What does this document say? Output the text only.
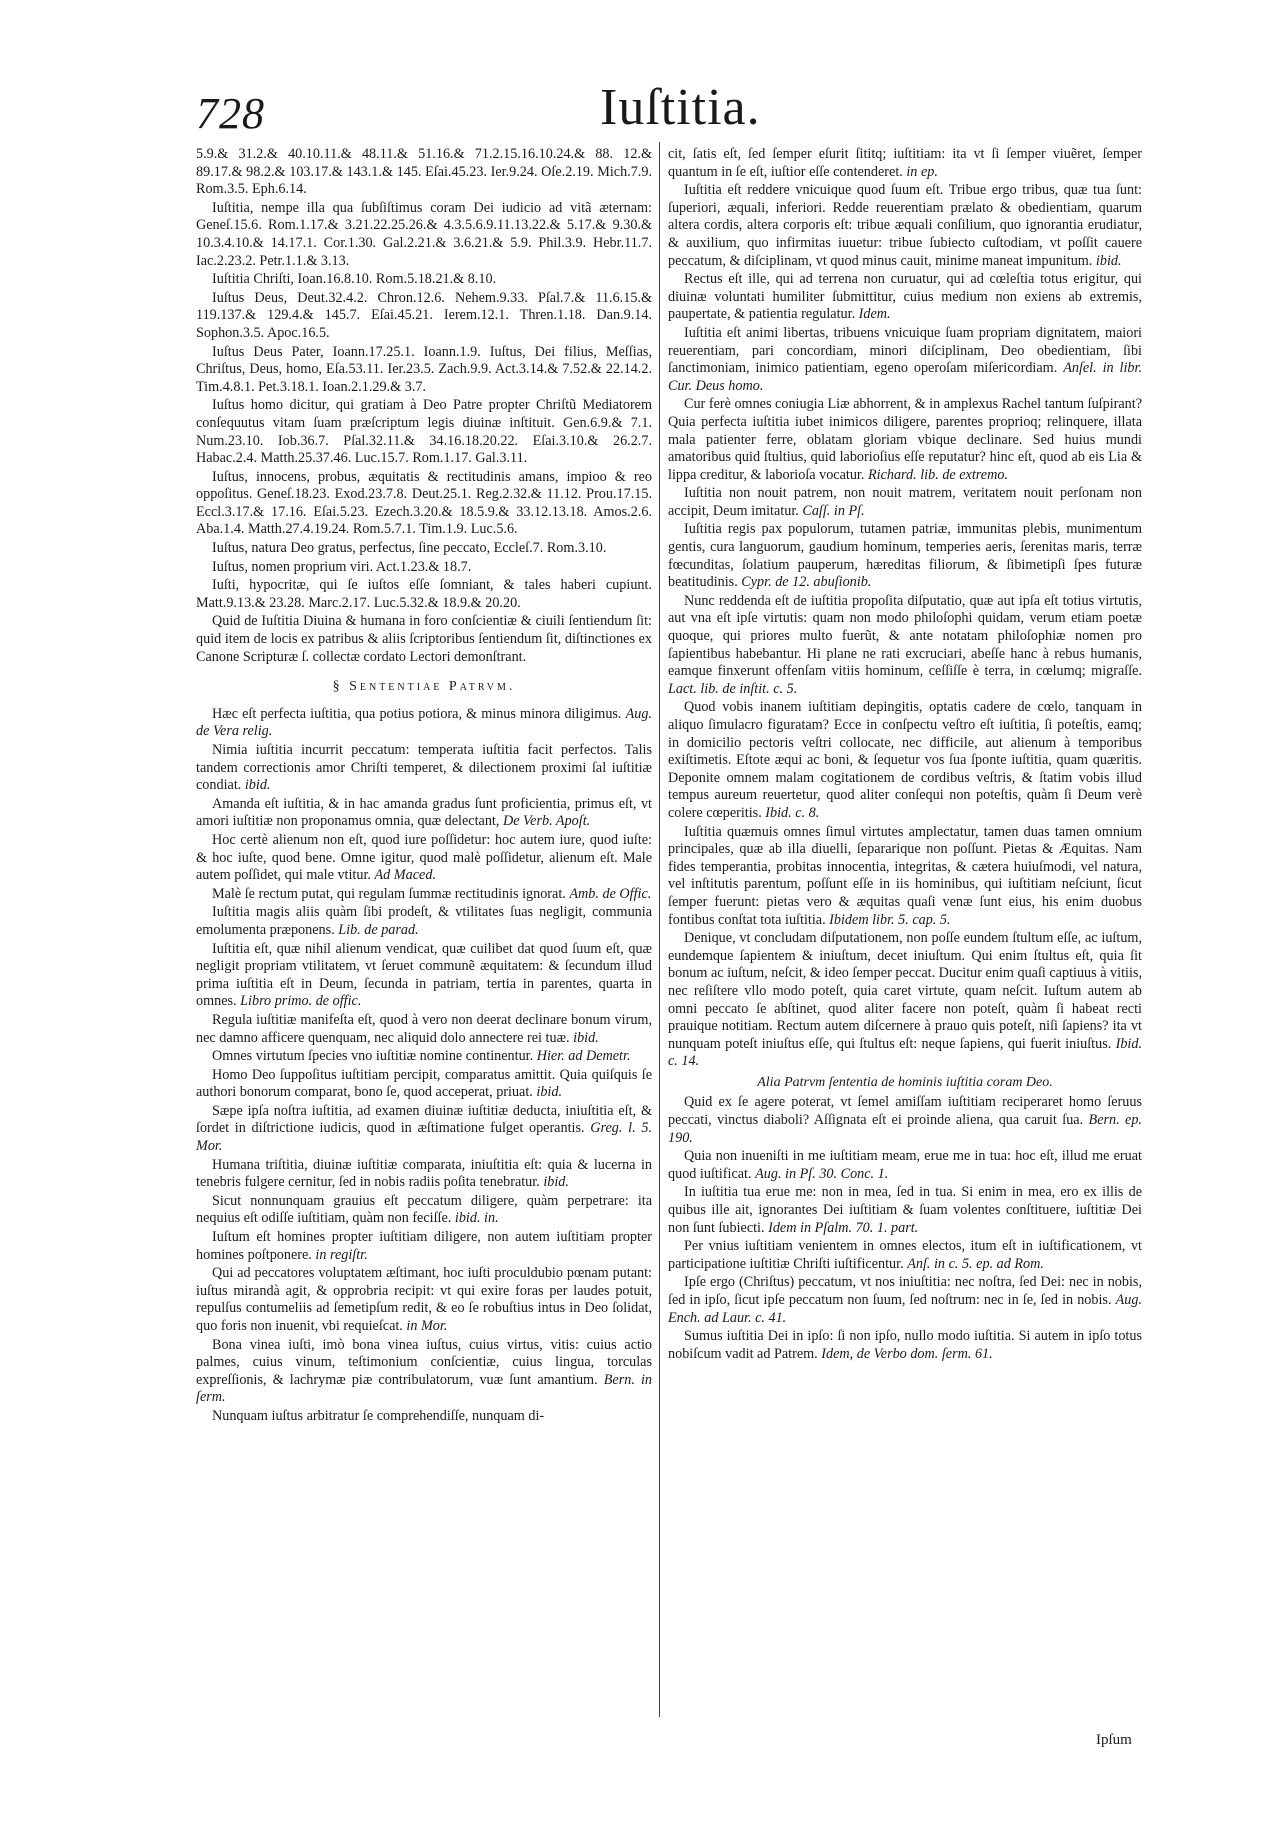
728	Iuſtitia.

5.9.& 31.2.& 40.10.11.& 48.11.& 51.16.& 71.2.15.16.10.24.& 88. 12.& 89.17.& 98.2.& 103.17.& 143.1.& 145. Eſai.45.23. Ier.9.24. Oſe.2.19. Mich.7.9. Rom.3.5. Eph.6.14.

Iuſtitia, nempe illa qua ſubſiſtimus coram Dei iudicio ad vitã æternam: Geneſ.15.6. Rom.1.17.& 3.21.22.25.26.& 4.3.5.6.9.11.13.22.& 5.17.& 9.30.& 10.3.4.10.& 14.17.1. Cor.1.30. Gal.2.21.& 3.6.21.& 5.9. Phil.3.9. Hebr.11.7. Iac.2.23.2. Petr.1.1.& 3.13.

Iuſtitia Chriſti, Ioan.16.8.10. Rom.5.18.21.& 8.10.

Iuſtus Deus, Deut.32.4.2. Chron.12.6. Nehem.9.33. Pſal.7.& 11.6.15.& 119.137.& 129.4.& 145.7. Eſai.45.21. Ierem.12.1. Thren.1.18. Dan.9.14. Sophon.3.5. Apoc.16.5.

Iuſtus Deus Pater, Ioann.17.25.1. Ioann.1.9. Iuſtus, Dei filius, Meſſias, Chriſtus, Deus, homo, Eſa.53.11. Ier.23.5. Zach.9.9. Act.3.14.& 7.52.& 22.14.2. Tim.4.8.1. Pet.3.18.1. Ioan.2.1.29.& 3.7.

Iuſtus homo dicitur, qui gratiam à Deo Patre propter Chriſtũ Mediatorem conſequutus vitam ſuam præſcriptum legis diuinæ inſtituit. Gen.6.9.& 7.1. Num.23.10. Iob.36.7. Pſal.32.11.& 34.16.18.20.22. Eſai.3.10.& 26.2.7. Habac.2.4. Matth.25.37.46. Luc.15.7. Rom.1.17. Gal.3.11.

Iuſtus, innocens, probus, æquitatis & rectitudinis amans, impioo & reo oppoſitus. Geneſ.18.23. Exod.23.7.8. Deut.25.1. Reg.2.32.& 11.12. Prou.17.15. Eccl.3.17.& 17.16. Eſai.5.23. Ezech.3.20.& 18.5.9.& 33.12.13.18. Amos.2.6. Aba.1.4. Matth.27.4.19.24. Rom.5.7.1. Tim.1.9. Luc.5.6.

Iuſtus, natura Deo gratus, perfectus, ſine peccato, Eccleſ.7. Rom.3.10.

Iuſtus, nomen proprium viri. Act.1.23.& 18.7.

Iuſti, hypocritæ, qui ſe iuſtos eſſe ſomniant, & tales haberi cupiunt. Matt.9.13.& 23.28. Marc.2.17. Luc.5.32.& 18.9.& 20.20.

Quid de Iuſtitia Diuina & humana in foro conſcientiæ & ciuili ſentiendum ſit: quid item de locis ex patribus & aliis ſcriptoribus ſentiendum ſit, diſtinctiones ex Canone Scripturæ ſ. collectæ cordato Lectori demonſtrant.

§ Sententiae Patrvm.

Hæc eſt perfecta iuſtitia, qua potius potiora, & minus minora diligimus. Aug. de Vera relig.

Nimia iuſtitia incurrit peccatum: temperata iuſtitia facit perfectos. Talis tandem correctionis amor Chriſti temperet, & dilectionem proximi ſal iuſtitiæ condiat. ibid.

Amanda eſt iuſtitia, & in hac amanda gradus ſunt proficientia, primus eſt, vt amori iuſtitiæ non proponamus omnia, quæ delectant, De Verb. Apoſt.

Hoc certè alienum non eſt, quod iure poſſidetur: hoc autem iure, quod iuſte: & hoc iuſte, quod bene. Omne igitur, quod malè poſſidetur, alienum eſt. Male autem poſſidet, qui male vtitur. Ad Maced.

Malè ſe rectum putat, qui regulam ſummæ rectitudinis ignorat. Amb. de Offic.

Iuſtitia magis aliis quàm ſibi prodeſt, & vtilitates ſuas negligit, communia emolumenta præponens. Lib. de parad.

Iuſtitia eſt, quæ nihil alienum vendicat, quæ cuilibet dat quod ſuum eſt, quæ negligit propriam vtilitatem, vt ſeruet communẽ æquitatem: & ſecundum illud prima iuſtitia eſt in Deum, ſecunda in patriam, tertia in parentes, quarta in omnes. Libro primo. de offic.

Regula iuſtitiæ manifeſta eſt, quod à vero non deerat declinare bonum virum, nec damno afficere quenquam, nec aliquid dolo annectere rei tuæ. ibid.

Omnes virtutum ſpecies vno iuſtitiæ nomine continentur. Hier. ad Demetr.

Homo Deo ſuppoſitus iuſtitiam percipit, comparatus amittit. Quia quiſquis ſe authori bonorum comparat, bono ſe, quod acceperat, priuat. ibid.

Sæpe ipſa noſtra iuſtitia, ad examen diuinæ iuſtitiæ deducta, iniuſtitia eſt, & ſordet in diſtrictione iudicis, quod in æſtimatione fulget operantis. Greg. l. 5. Mor.

Humana triſtitia, diuinæ iuſtitiæ comparata, iniuſtitia eſt: quia & lucerna in tenebris fulgere cernitur, ſed in nobis radiis poſita tenebratur. ibid.

Sicut nonnunquam grauius eſt peccatum diligere, quàm perpetrare: ita nequius eſt odiſſe iuſtitiam, quàm non feciſſe. ibid. in.

Iuſtum eſt homines propter iuſtitiam diligere, non autem iuſtitiam propter homines poſtponere. in regiſtr.

Qui ad peccatores voluptatem æſtimant, hoc iuſti proculdubio pœnam putant: iuſtus mirandà agit, & opprobria recipit: vt qui exire foras per laudes potuit, repulſus contumeliis ad ſemetipſum redit, & eo ſe robuſtius intus in Deo ſolidat, quo foris non inuenit, vbi requieſcat. in Mor.

Bona vinea iuſti, imò bona vinea iuſtus, cuius virtus, vitis: cuius actio palmes, cuius vinum, teſtimonium conſcientiæ, cuius lingua, torculas expreſſionis, & lachrymæ piæ contribulatorum, vuæ ſunt amantium. Bern. in ſerm.

Nunquam iuſtus arbitratur ſe comprehendiſſe, nunquam di-

cit, ſatis eſt, ſed ſemper eſurit ſititq; iuſtitiam: ita vt ſi ſemper viuẽret, ſemper quantum in ſe eſt, iuſtior eſſe contenderet. in ep.

Iuſtitia eſt reddere vnicuique quod ſuum eſt. Tribue ergo tribus, quæ tua ſunt: ſuperiori, æquali, inferiori. Redde reuerentiam prælato & obedientiam, quarum altera cordis, altera corporis eſt: tribue æquali conſilium, quo ignorantia erudiatur, & auxilium, quo infirmitas iuuetur: tribue ſubiecto cuſtodiam, vt poſſit cauere peccatum, & diſciplinam, vt quod minus cauit, minime maneat impunitum. ibid.

Rectus eſt ille, qui ad terrena non curuatur, qui ad cœleſtia totus erigitur, qui diuinæ voluntati humiliter ſubmittitur, cuius medium non exiens ab extremis, paupertate, & patientia regulatur. Idem.

Iuſtitia eſt animi libertas, tribuens vnicuique ſuam propriam dignitatem, maiori reuerentiam, pari concordiam, minori diſciplinam, Deo obedientiam, ſibi ſanctimoniam, inimico patientiam, egeno operoſam miſericordiam. Anſel. in libr. Cur. Deus homo.

Cur ferè omnes coniugia Liæ abhorrent, & in amplexus Rachel tantum ſuſpirant? Quia perfecta iuſtitia iubet inimicos diligere, parentes proprioq; relinquere, illata mala patienter ferre, oblatam gloriam vbique declinare. Sed huius mundi amatoribus quid ſtultius, quid laborioſius eſſe reputatur? hinc eſt, quod ab eis Lia & lippa creditur, & laborioſa vocatur. Richard. lib. de extremo.

Iuſtitia non nouit patrem, non nouit matrem, veritatem nouit perſonam non accipit, Deum imitatur. Caſſ. in Pſ.

Iuſtitia regis pax populorum, tutamen patriæ, immunitas plebis, munimentum gentis, cura languorum, gaudium hominum, temperies aeris, ſerenitas maris, terræ fœcunditas, ſolatium pauperum, hæreditas filiorum, & ſibimetipſi ſpes futuræ beatitudinis. Cypr. de 12. abuſionib.

Nunc reddenda eſt de iuſtitia propoſita diſputatio, quæ aut ipſa eſt totius virtutis, aut vna eſt ipſe virtutis: quam non modo philoſophi quidam, verum etiam poetæ quoque, qui priores multo fuerũt, & ante notatam philoſophiæ nomen pro ſapientibus habebantur. Hi plane ne rati excruciari, abeſſe hanc à rebus humanis, eamque finxerunt offenſam vitiis hominum, ceſſiſſe è terra, in cœlumq; migraſſe. Lact. lib. de inſtit. c. 5.

Quod vobis inanem iuſtitiam depingitis, optatis cadere de cœlo, tanquam in aliquo ſimulacro figuratam? Ecce in conſpectu veſtro eſt iuſtitia, ſi poteſtis, eamq; in domicilio pectoris veſtri collocate, nec difficile, aut alienum à temporibus exiſtimetis. Eſtote æqui ac boni, & ſequetur vos ſua ſponte iuſtitia, quam quæritis. Deponite omnem malam cogitationem de cordibus veſtris, & ſtatim vobis illud tempus aureum reuertetur, quod aliter conſequi non poteſtis, quàm ſi Deum verè colere cœperitis. Ibid. c. 8.

Iuſtitia quæmuis omnes ſimul virtutes amplectatur, tamen duas tamen omnium principales, quæ ab illa diuelli, ſepararique non poſſunt. Pietas & Æquitas. Nam fides temperantia, probitas innocentia, integritas, & cætera huiuſmodi, vel natura, vel inſtitutis parentum, poſſunt eſſe in iis hominibus, qui iuſtitiam neſciunt, ſicut ſemper fuerunt: pietas vero & æquitas quaſi venæ ſunt eius, his enim duobus fontibus conſtat tota iuſtitia. Ibidem libr. 5. cap. 5.

Denique, vt concludam diſputationem, non poſſe eundem ſtultum eſſe, ac iuſtum, eundemque ſapientem & iniuſtum, decet iniuſtum. Qui enim ſtultus eſt, quia ſit bonum ac iuſtum, neſcit, & ideo ſemper peccat. Ducitur enim quaſi captiuus à vitiis, nec reſiſtere vllo modo poteſt, quia caret virtute, quam neſcit. Iuſtum autem ab omni peccato ſe abſtinet, quod aliter facere non poteſt, quàm ſi habeat recti prauique notitiam. Rectum autem diſcernere à prauo quis poteſt, niſi ſapiens? ita vt nunquam poteſt iniuſtus eſſe, qui ſtultus eſt: neque ſapiens, qui fuerit iniuſtus. Ibid. c. 14.

Alia Patrvm ſententia de hominis iuſtitia coram Deo.

Quid ex ſe agere poterat, vt ſemel amiſſam iuſtitiam reciperaret homo ſeruus peccati, vinctus diaboli? Aſſignata eſt ei proinde aliena, qua caruit ſua. Bern. ep. 190.

Quia non inueniſti in me iuſtitiam meam, erue me in tua: hoc eſt, illud me eruat quod iuſtificat. Aug. in Pſ. 30. Conc. 1.

In iuſtitia tua erue me: non in mea, ſed in tua. Si enim in mea, ero ex illis de quibus ille ait, ignorantes Dei iuſtitiam & ſuam volentes conſtituere, iuſtitiæ Dei non ſunt ſubiecti. Idem in Pſalm. 70. 1. part.

Per vnius iuſtitiam venientem in omnes electos, itum eſt in iuſtificationem, vt participatione iuſtitiæ Chriſti iuſtificentur. Anſ. in c. 5. ep. ad Rom.

Ipſe ergo (Chriſtus) peccatum, vt nos iniuſtitia: nec noſtra, ſed Dei: nec in nobis, ſed in ipſo, ſicut ipſe peccatum non ſuum, ſed noſtrum: nec in ſe, ſed in nobis. Aug. Ench. ad Laur. c. 41.

Sumus iuſtitia Dei in ipſo: ſi non ipſo, nullo modo iuſtitia. Si autem in ipſo totus nobiſcum vadit ad Patrem. Idem, de Verbo dom. ſerm. 61.

Ipſum
